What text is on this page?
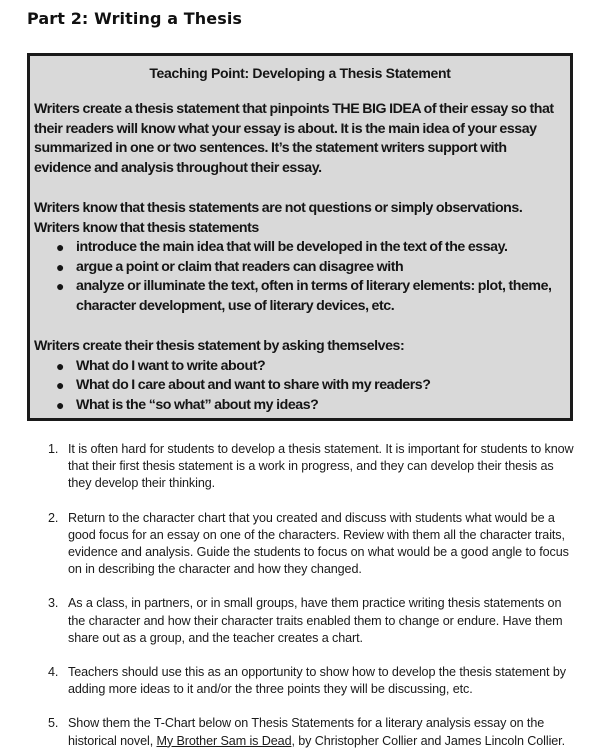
Part 2: Writing a Thesis
Teaching Point: Developing a Thesis Statement
Writers create a thesis statement that pinpoints THE BIG IDEA of their essay so that their readers will know what your essay is about. It is the main idea of your essay summarized in one or two sentences. It’s the statement writers support with evidence and analysis throughout their essay.
Writers know that thesis statements are not questions or simply observations.
Writers know that thesis statements
● introduce the main idea that will be developed in the text of the essay.
● argue a point or claim that readers can disagree with
● analyze or illuminate the text, often in terms of literary elements: plot, theme, character development, use of literary devices, etc.
Writers create their thesis statement by asking themselves:
● What do I want to write about?
● What do I care about and want to share with my readers?
● What is the “so what” about my ideas?
1. It is often hard for students to develop a thesis statement. It is important for students to know that their first thesis statement is a work in progress, and they can develop their thesis as they develop their thinking.
2. Return to the character chart that you created and discuss with students what would be a good focus for an essay on one of the characters. Review with them all the character traits, evidence and analysis. Guide the students to focus on what would be a good angle to focus on in describing the character and how they changed.
3. As a class, in partners, or in small groups, have them practice writing thesis statements on the character and how their character traits enabled them to change or endure. Have them share out as a group, and the teacher creates a chart.
4. Teachers should use this as an opportunity to show how to develop the thesis statement by adding more ideas to it and/or the three points they will be discussing, etc.
5. Show them the T-Chart below on Thesis Statements for a literary analysis essay on the historical novel, My Brother Sam is Dead, by Christopher Collier and James Lincoln Collier.
